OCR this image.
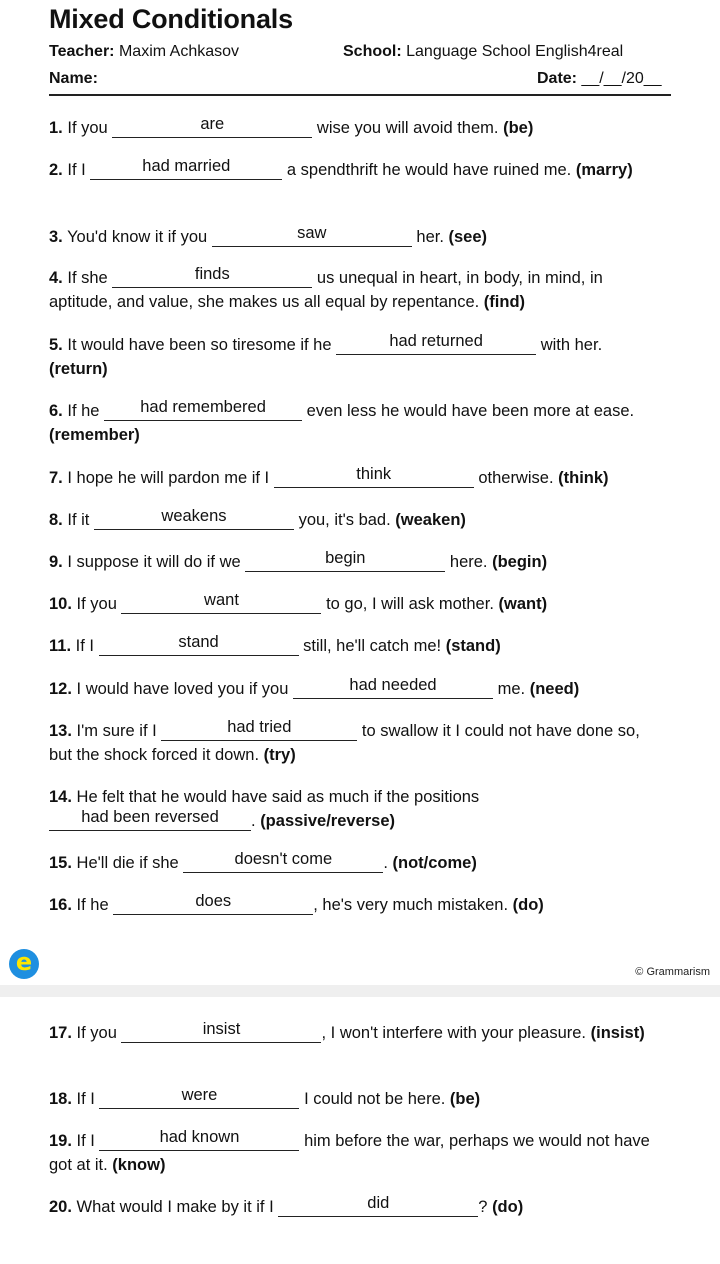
Mixed Conditionals
Teacher: Maxim Achkasov	School: Language School English4real
Name:	Date: __/__/20__
1. If you	are	wise you will avoid them. (be)
2. If I	had married	a spendthrift he would have ruined me. (marry)
3. You'd know it if you	saw	her. (see)
4. If she	finds	us unequal in heart, in body, in mind, in aptitude, and value, she makes us all equal by repentance. (find)
5. It would have been so tiresome if he	had returned	with her. (return)
6. If he had remembered even less he would have been more at ease. (remember)
7. I hope he will pardon me if I	think	otherwise. (think)
8. If it	weakens	you, it's bad. (weaken)
9. I suppose it will do if we	begin	here. (begin)
10. If you	want	to go, I will ask mother. (want)
11. If I	stand	still, he'll catch me! (stand)
12. I would have loved you if you	had needed	me. (need)
13. I'm sure if I	had tried	to swallow it I could not have done so, but the shock forced it down. (try)
14. He felt that he would have said as much if the positions
had been reversed . (passive/reverse)
15. He'll die if she	doesn't come	. (not/come)
16. If he	does	, he's very much mistaken. (do)
e	© Grammarism
17. If you	insist	, I won't interfere with your pleasure. (insist)
18. If I	were	I could not be here. (be)
19. If I	had known	him before the war, perhaps we would not have got at it. (know)
20. What would I make by it if I	did	? (do)
